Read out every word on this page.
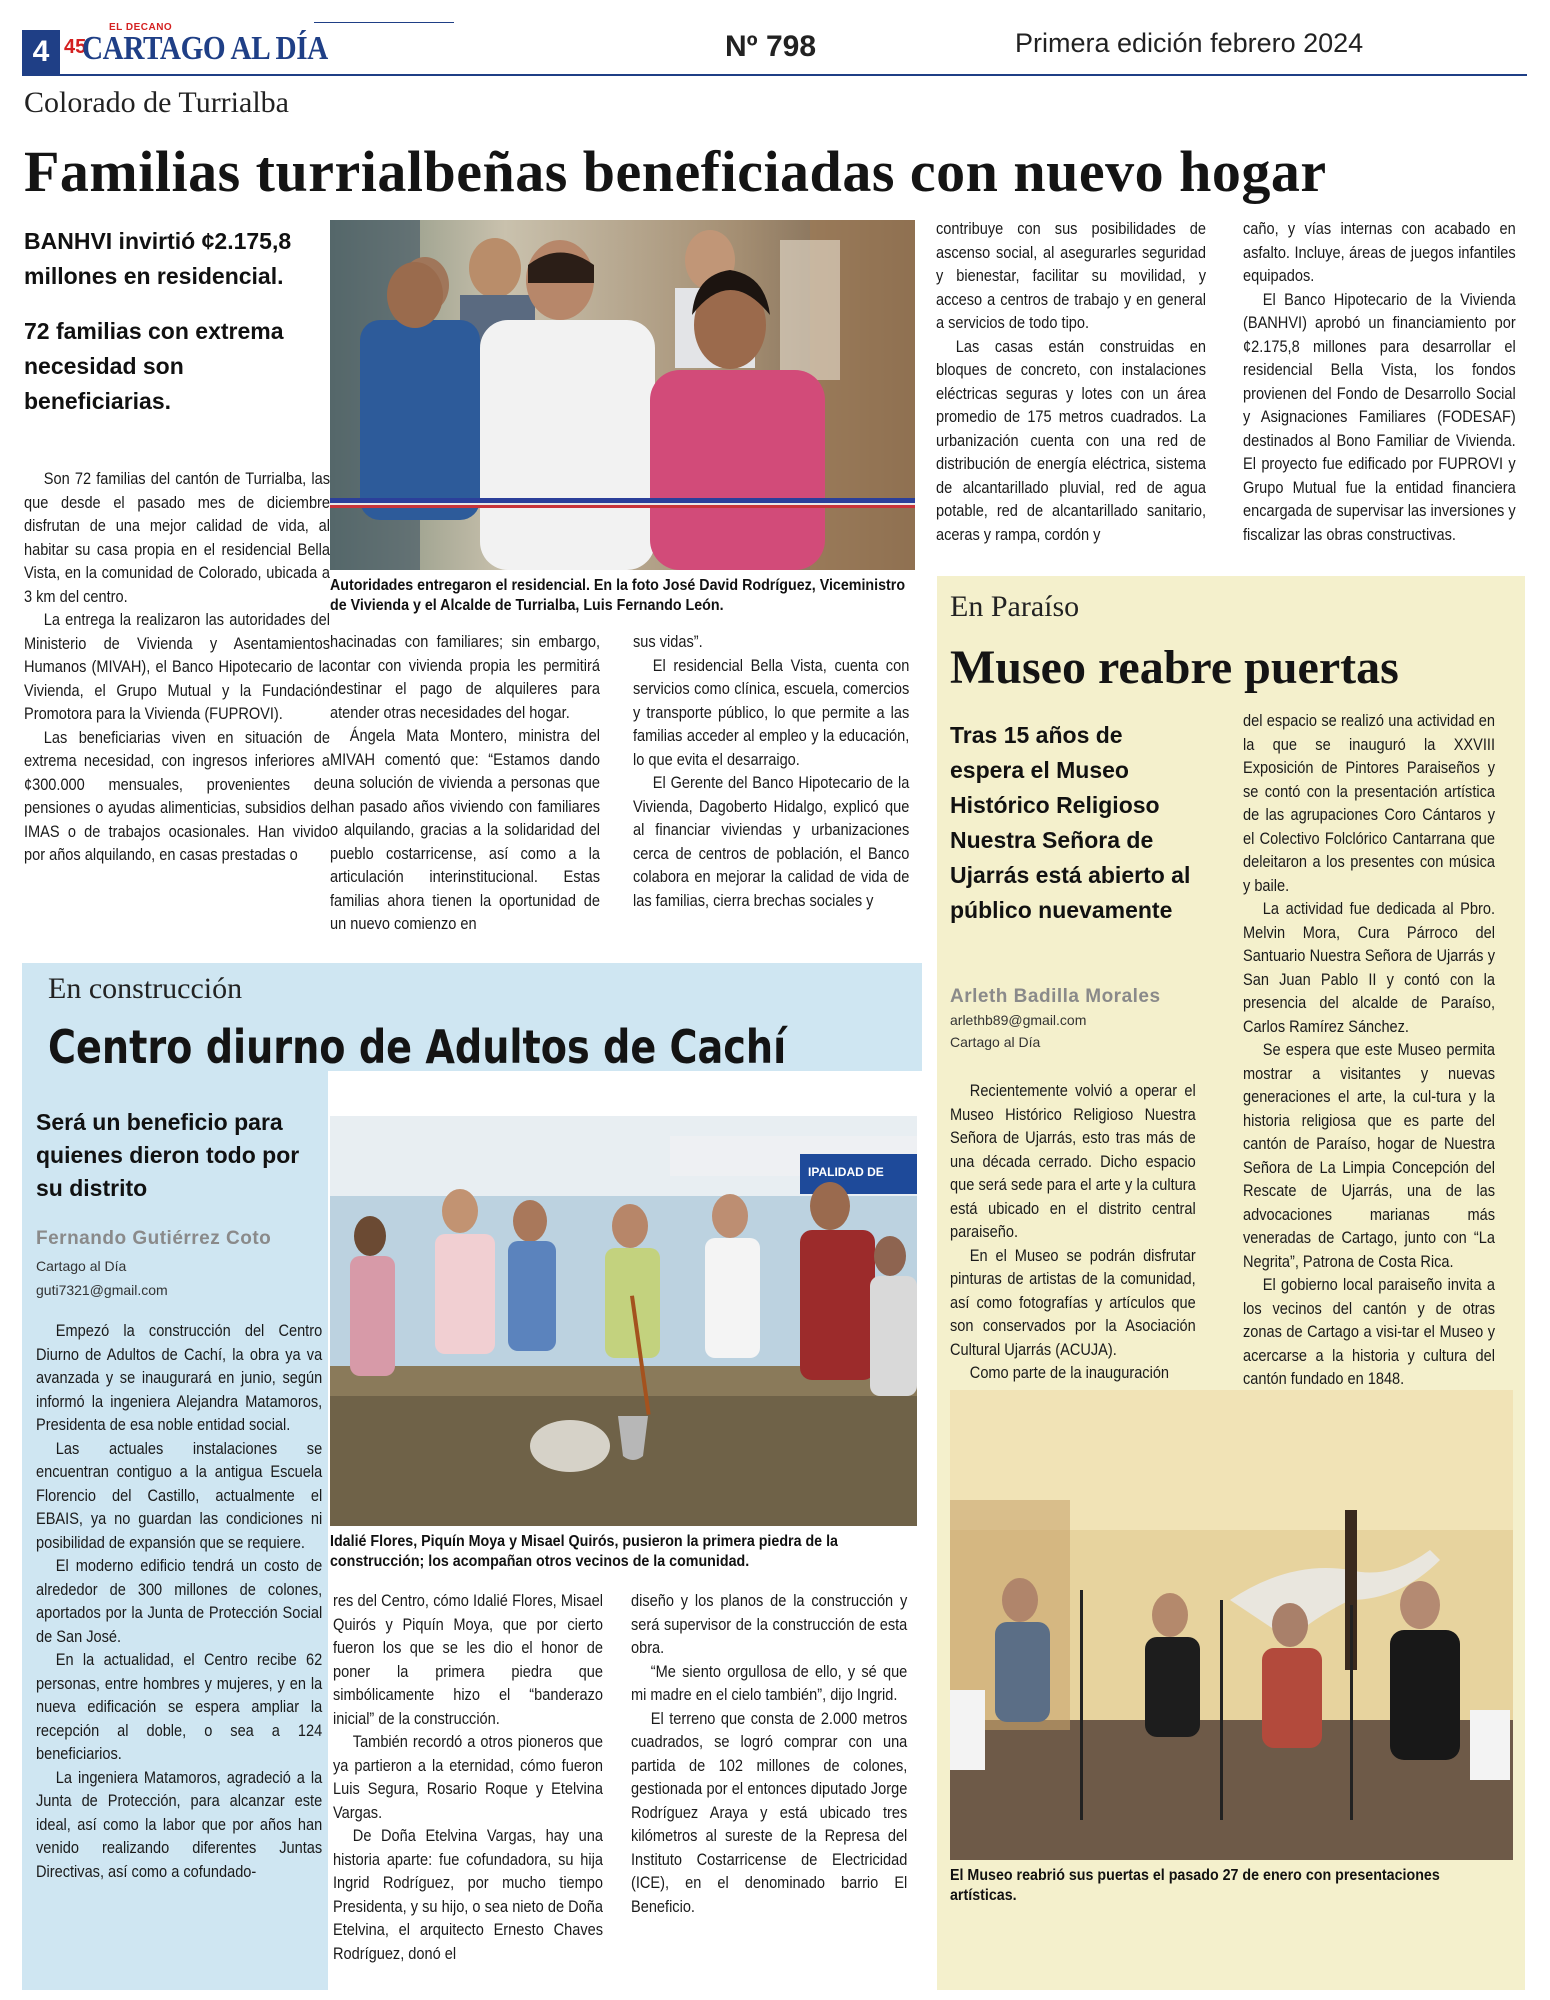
4
EL DECANO
45
CARTAGO AL DÍA	Nº 798	Primera edición febrero 2024
Colorado de Turrialba
Familias turrialbeñas beneficiadas con nuevo hogar

BANHVI invirtió ¢2.175,8 millones en residencial.

72 familias con extrema necesidad son beneficiarias.

Son 72 familias del cantón de Turrialba, las que desde el pasado mes de diciembre disfrutan de una mejor calidad de vida, al habitar su casa propia en el residencial Bella Vista, en la comunidad de Colorado, ubicada a 3 km del centro.

La entrega la realizaron las autoridades del Ministerio de Vivienda y Asentamientos Humanos (MIVAH), el Banco Hipotecario de la Vivienda, el Grupo Mutual y la Fundación Promotora para la Vivienda (FUPROVI).

Las beneficiarias viven en situación de extrema necesidad, con ingresos inferiores a ¢300.000 mensuales, provenientes de pensiones o ayudas alimenticias, subsidios del IMAS o de trabajos ocasionales. Han vivido por años alquilando, en casas prestadas o

Autoridades entregaron el residencial. En la foto José David Rodríguez, Viceministro de Vivienda y el Alcalde de Turrialba, Luis Fernando León.

hacinadas con familiares; sin embargo, contar con vivienda propia les permitirá destinar el pago de alquileres para atender otras necesidades del hogar.

Ángela Mata Montero, ministra del MIVAH comentó que: “Estamos dando una solución de vivienda a personas que han pasado años viviendo con familiares o alquilando, gracias a la solidaridad del pueblo costarricense, así como a la articulación interinstitucional. Estas familias ahora tienen la oportunidad de un nuevo comienzo en

sus vidas”.

El residencial Bella Vista, cuenta con servicios como clínica, escuela, comercios y transporte público, lo que permite a las familias acceder al empleo y la educación, lo que evita el desarraigo.

El Gerente del Banco Hipotecario de la Vivienda, Dagoberto Hidalgo, explicó que al financiar viviendas y urbanizaciones cerca de centros de población, el Banco colabora en mejorar la calidad de vida de las familias, cierra brechas sociales y

contribuye con sus posibilidades de ascenso social, al asegurarles seguridad y bienestar, facilitar su movilidad, y acceso a centros de trabajo y en general a servicios de todo tipo.

Las casas están construidas en bloques de concreto, con instalaciones eléctricas seguras y lotes con un área promedio de 175 metros cuadrados. La urbanización cuenta con una red de distribución de energía eléctrica, sistema de alcantarillado pluvial, red de agua potable, red de alcantarillado sanitario, aceras y rampa, cordón y

caño, y vías internas con acabado en asfalto. Incluye, áreas de juegos infantiles equipados.

El Banco Hipotecario de la Vivienda (BANHVI) aprobó un financiamiento por ¢2.175,8 millones para desarrollar el residencial Bella Vista, los fondos provienen del Fondo de Desarrollo Social y Asignaciones Familiares (FODESAF) destinados al Bono Familiar de Vivienda. El proyecto fue edificado por FUPROVI y Grupo Mutual fue la entidad financiera encargada de supervisar las inversiones y fiscalizar las obras constructivas.

En Paraíso
Museo reabre puertas
Tras 15 años de espera el Museo Histórico Religioso Nuestra Señora de Ujarrás está abierto al público nuevamente
Arleth Badilla Morales
arlethb89@gmail.com
Cartago al Día

Recientemente volvió a operar el Museo Histórico Religioso Nuestra Señora de Ujarrás, esto tras más de una década cerrado. Dicho espacio que será sede para el arte y la cultura está ubicado en el distrito central paraiseño.

En el Museo se podrán disfrutar pinturas de artistas de la comunidad, así como fotografías y artículos que son conservados por la Asociación Cultural Ujarrás (ACUJA).

Como parte de la inauguración

del espacio se realizó una actividad en la que se inauguró la XXVIII Exposición de Pintores Paraiseños y se contó con la presentación artística de las agrupaciones Coro Cántaros y el Colectivo Folclórico Cantarrana que deleitaron a los presentes con música y baile.

La actividad fue dedicada al Pbro. Melvin Mora, Cura Párroco del Santuario Nuestra Señora de Ujarrás y San Juan Pablo II y contó con la presencia del alcalde de Paraíso, Carlos Ramírez Sánchez.

Se espera que este Museo permita mostrar a visitantes y nuevas generaciones el arte, la cul-tura y la historia religiosa que es parte del cantón de Paraíso, hogar de Nuestra Señora de La Limpia Concepción del Rescate de Ujarrás, una de las advocaciones marianas más veneradas de Cartago, junto con “La Negrita”, Patrona de Costa Rica.

El gobierno local paraiseño invita a los vecinos del cantón y de otras zonas de Cartago a visi-tar el Museo y acercarse a la historia y cultura del cantón fundado en 1848.

El Museo reabrió sus puertas el pasado 27 de enero con presentaciones artísticas.
En construcción
Centro diurno de Adultos de Cachí
Será un beneficio para quienes dieron todo por su distrito
Fernando Gutiérrez Coto
Cartago al Día
guti7321@gmail.com

Empezó la construcción del Centro Diurno de Adultos de Cachí, la obra ya va avanzada y se inaugurará en junio, según informó la ingeniera Alejandra Matamoros, Presidenta de esa noble entidad social.

Las actuales instalaciones se encuentran contiguo a la antigua Escuela Florencio del Castillo, actualmente el EBAIS, ya no guardan las condiciones ni posibilidad de expansión que se requiere.

El moderno edificio tendrá un costo de alrededor de 300 millones de colones, aportados por la Junta de Protección Social de San José.

En la actualidad, el Centro recibe 62 personas, entre hombres y mujeres, y en la nueva edificación se espera ampliar la recepción al doble, o sea a 124 beneficiarios.

La ingeniera Matamoros, agradeció a la Junta de Protección, para alcanzar este ideal, así como la labor que por años han venido realizando diferentes Juntas Directivas, así como a cofundado-

IPALIDAD DE
Idalié Flores, Piquín Moya y Misael Quirós, pusieron la primera piedra de la construcción; los acompañan otros vecinos de la comunidad.

res del Centro, cómo Idalié Flores, Misael Quirós y Piquín Moya, que por cierto fueron los que se les dio el honor de poner la primera piedra que simbólicamente hizo el “banderazo inicial” de la construcción.

También recordó a otros pioneros que ya partieron a la eternidad, cómo fueron Luis Segura, Rosario Roque y Etelvina Vargas.

De Doña Etelvina Vargas, hay una historia aparte: fue cofundadora, su hija Ingrid Rodríguez, por mucho tiempo Presidenta, y su hijo, o sea nieto de Doña Etelvina, el arquitecto Ernesto Chaves Rodríguez, donó el

diseño y los planos de la construcción y será supervisor de la construcción de esta obra.

“Me siento orgullosa de ello, y sé que mi madre en el cielo también”, dijo Ingrid.

El terreno que consta de 2.000 metros cuadrados, se logró comprar con una partida de 102 millones de colones, gestionada por el entonces diputado Jorge Rodríguez Araya y está ubicado tres kilómetros al sureste de la Represa del Instituto Costarricense de Electricidad (ICE), en el denominado barrio El Beneficio.
